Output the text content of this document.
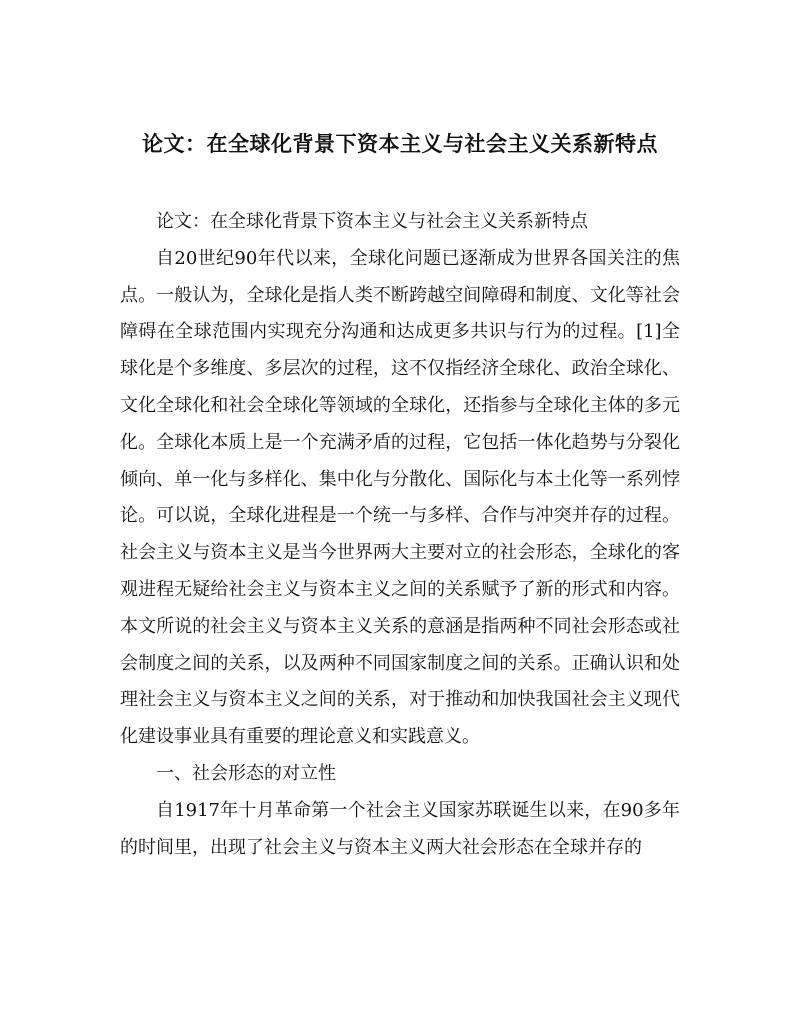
论文：在全球化背景下资本主义与社会主义关系新特点

论文：在全球化背景下资本主义与社会主义关系新特点

自20世纪90年代以来，全球化问题已逐渐成为世界各国关注的焦点。一般认为，全球化是指人类不断跨越空间障碍和制度、文化等社会障碍在全球范围内实现充分沟通和达成更多共识与行为的过程。[1]全球化是个多维度、多层次的过程，这不仅指经济全球化、政治全球化、文化全球化和社会全球化等领域的全球化，还指参与全球化主体的多元化。全球化本质上是一个充满矛盾的过程，它包括一体化趋势与分裂化倾向、单一化与多样化、集中化与分散化、国际化与本土化等一系列悖论。可以说，全球化进程是一个统一与多样、合作与冲突并存的过程。社会主义与资本主义是当今世界两大主要对立的社会形态，全球化的客观进程无疑给社会主义与资本主义之间的关系赋予了新的形式和内容。本文所说的社会主义与资本主义关系的意涵是指两种不同社会形态或社会制度之间的关系，以及两种不同国家制度之间的关系。正确认识和处理社会主义与资本主义之间的关系，对于推动和加快我国社会主义现代化建设事业具有重要的理论意义和实践意义。

一、社会形态的对立性

自1917年十月革命第一个社会主义国家苏联诞生以来，在90多年的时间里，出现了社会主义与资本主义两大社会形态在全球并存的
